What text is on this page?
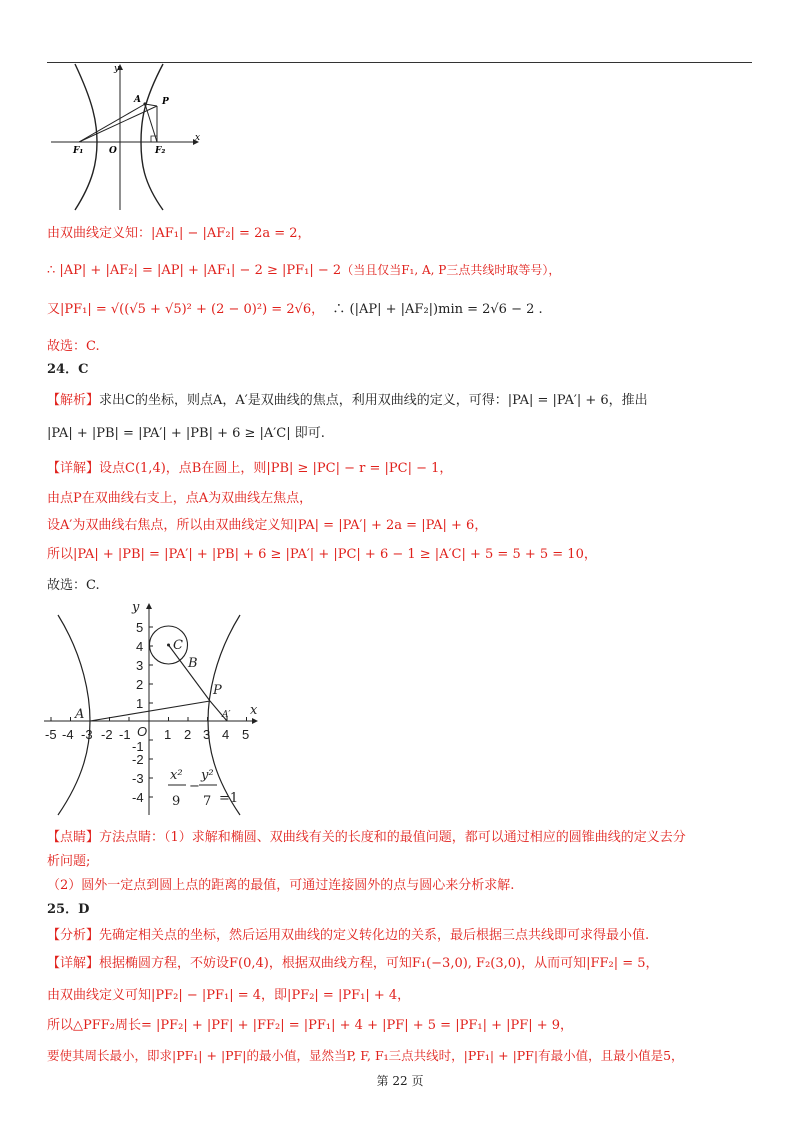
y
x
A P
F₁	O	F₂
由双曲线定义知：|AF₁| − |AF₂| = 2a = 2，
∴ |AP| + |AF₂| = |AP| + |AF₁| − 2 ≥ |PF₁| − 2（当且仅当F₁, A, P三点共线时取等号），
又|PF₁| = √((√5 + √5)² + (2 − 0)²) = 2√6， ∴ (|AP| + |AF₂|)min = 2√6 − 2 .
故选：C.
24．C
【解析】求出C的坐标，则点A，A′是双曲线的焦点，利用双曲线的定义，可得：|PA| = |PA′| + 6，推出
|PA| + |PB| = |PA′| + |PB| + 6 ≥ |A′C| 即可.
【详解】设点C(1,4)，点B在圆上，则|PB| ≥ |PC| − r = |PC| − 1，
由点P在双曲线右支上，点A为双曲线左焦点，
设A′为双曲线右焦点，所以由双曲线定义知|PA| = |PA′| + 2a = |PA| + 6，
所以|PA| + |PB| = |PA′| + |PB| + 6 ≥ |PA′| + |PC| + 6 − 1 ≥ |A′C| + 5 = 5 + 5 = 10，
故选：C.
-5 -4 -3 -2 -1 O 1 2 3 4 5
5
4
3
2
1
-1
-2
-3
-4
y
x
C
B
P
A	A′
x²
9
−
y²
7 =1
【点睛】方法点睛：（1）求解和椭圆、双曲线有关的长度和的最值问题，都可以通过相应的圆锥曲线的定义去分
析问题;
（2）圆外一定点到圆上点的距离的最值，可通过连接圆外的点与圆心来分析求解.
25．D
【分析】先确定相关点的坐标，然后运用双曲线的定义转化边的关系，最后根据三点共线即可求得最小值.
【详解】根据椭圆方程，不妨设F(0,4)，根据双曲线方程，可知F₁(−3,0), F₂(3,0)，从而可知|FF₂| = 5，
由双曲线定义可知|PF₂| − |PF₁| = 4，即|PF₂| = |PF₁| + 4，
所以△PFF₂周长= |PF₂| + |PF| + |FF₂| = |PF₁| + 4 + |PF| + 5 = |PF₁| + |PF| + 9，
要使其周长最小，即求|PF₁| + |PF|的最小值，显然当P, F, F₁三点共线时，|PF₁| + |PF|有最小值，且最小值是5，
第 22 页
